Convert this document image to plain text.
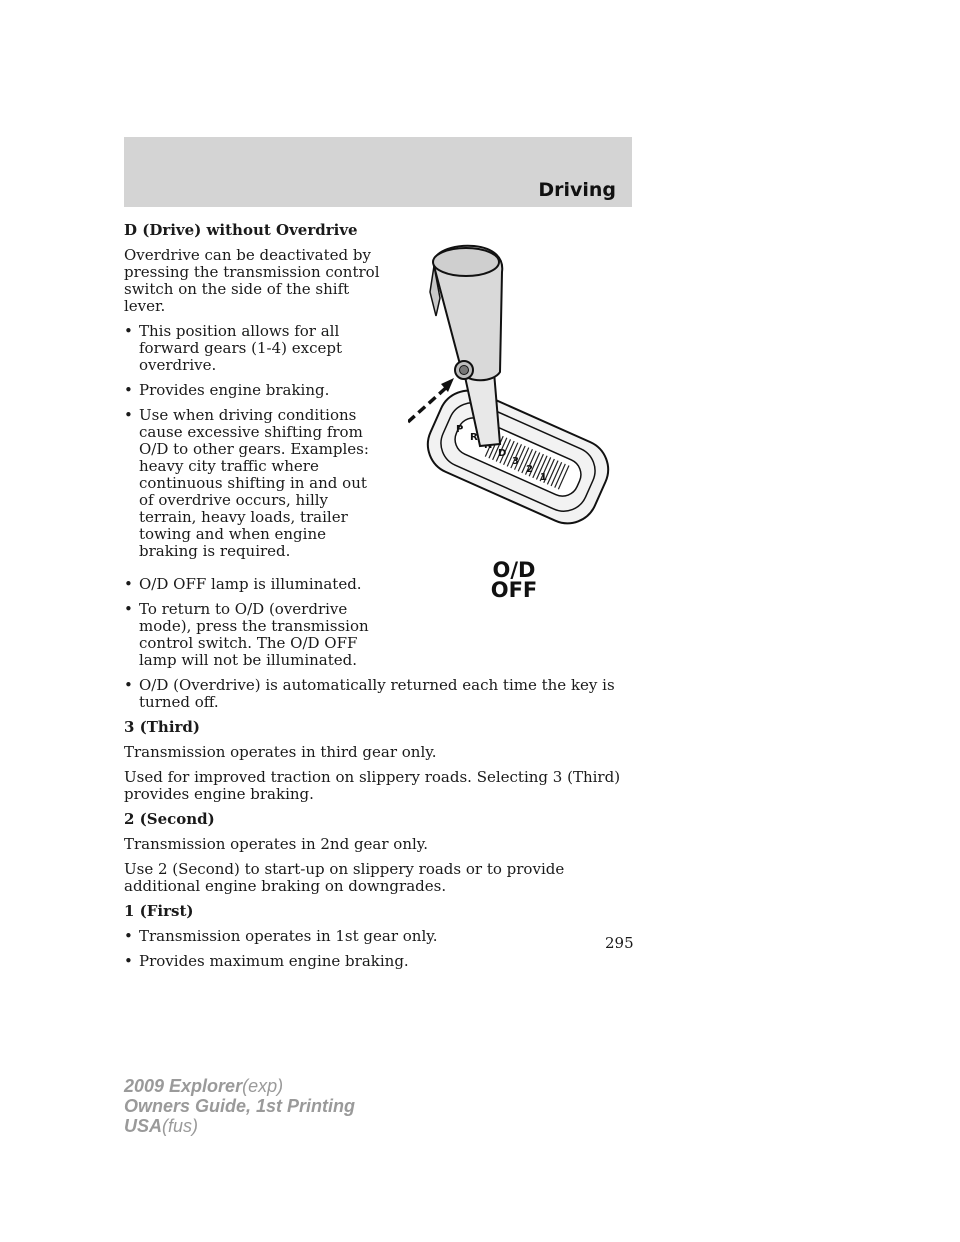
Driving
D (Drive) without Overdrive
Overdrive can be deactivated by pressing the transmission control switch on the side of the shift lever.
• This position allows for all forward gears (1-4) except overdrive.
• Provides engine braking.
• Use when driving conditions cause excessive shifting from O/D to other gears. Examples: heavy city traffic where continuous shifting in and out of overdrive occurs, hilly terrain, heavy loads, trailer towing and when engine braking is required.
• O/D OFF lamp is illuminated.
• To return to O/D (overdrive mode), press the transmission control switch. The O/D OFF lamp will not be illuminated.
P
R
D
3
2
1
O/D
OFF
• O/D (Overdrive) is automatically returned each time the key is turned off.
3 (Third)
Transmission operates in third gear only.
Used for improved traction on slippery roads. Selecting 3 (Third) provides engine braking.
2 (Second)
Transmission operates in 2nd gear only.
Use 2 (Second) to start-up on slippery roads or to provide additional engine braking on downgrades.
1 (First)
• Transmission operates in 1st gear only.
• Provides maximum engine braking.
295
2009 Explorer(exp)
Owners Guide, 1st Printing
USA(fus)
